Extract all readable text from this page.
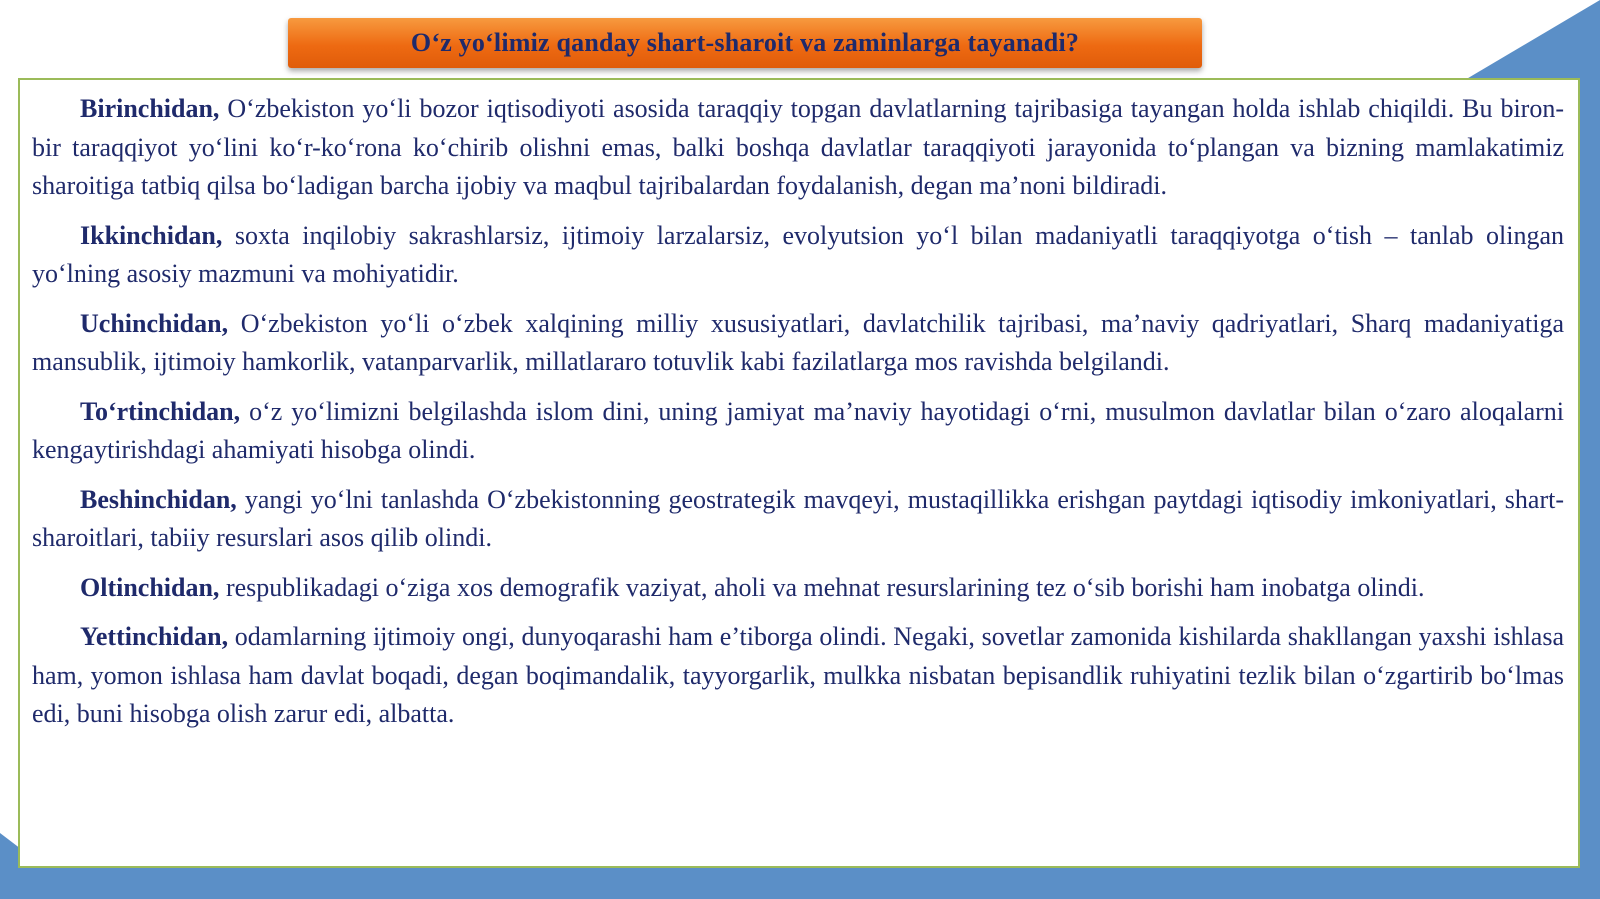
O‘z yo‘limiz qanday shart-sharoit va zaminlarga tayanadi?

Birinchidan, O‘zbekiston yo‘li bozor iqtisodiyoti asosida taraqqiy topgan davlatlarning tajribasiga tayangan holda ishlab chiqildi. Bu biron- bir taraqqiyot yo‘lini ko‘r-ko‘rona ko‘chirib olishni emas, balki boshqa davlatlar taraqqiyoti jarayonida to‘plangan va bizning mamlakatimiz sharoitiga tatbiq qilsa bo‘ladigan barcha ijobiy va maqbul tajribalardan foydalanish, degan ma’noni bildiradi.

Ikkinchidan, soxta inqilobiy sakrashlarsiz, ijtimoiy larzalarsiz, evolyutsion yo‘l bilan madaniyatli taraqqiyotga o‘tish – tanlab olingan yo‘lning asosiy mazmuni va mohiyatidir.

Uchinchidan, O‘zbekiston yo‘li o‘zbek xalqining milliy xususiyatlari, davlatchilik tajribasi, ma’naviy qadriyatlari, Sharq madaniyatiga mansublik, ijtimoiy hamkorlik, vatanparvarlik, millatlararo totuvlik kabi fazilatlarga mos ravishda belgilandi.

To‘rtinchidan, o‘z yo‘limizni belgilashda islom dini, uning jamiyat ma’naviy hayotidagi o‘rni, musulmon davlatlar bilan o‘zaro aloqalarni kengaytirishdagi ahamiyati hisobga olindi.

Beshinchidan, yangi yo‘lni tanlashda O‘zbekistonning geostrategik mavqeyi, mustaqillikka erishgan paytdagi iqtisodiy imkoniyatlari, shart- sharoitlari, tabiiy resurslari asos qilib olindi.

Oltinchidan, respublikadagi o‘ziga xos demografik vaziyat, aholi va mehnat resurslarining tez o‘sib borishi ham inobatga olindi.

Yettinchidan, odamlarning ijtimoiy ongi, dunyoqarashi ham e’tiborga olindi. Negaki, sovetlar zamonida kishilarda shakllangan yaxshi ishlasa ham, yomon ishlasa ham davlat boqadi, degan boqimandalik, tayyorgarlik, mulkka nisbatan bepisandlik ruhiyatini tezlik bilan o‘zgartirib bo‘lmas edi, buni hisobga olish zarur edi, albatta.
